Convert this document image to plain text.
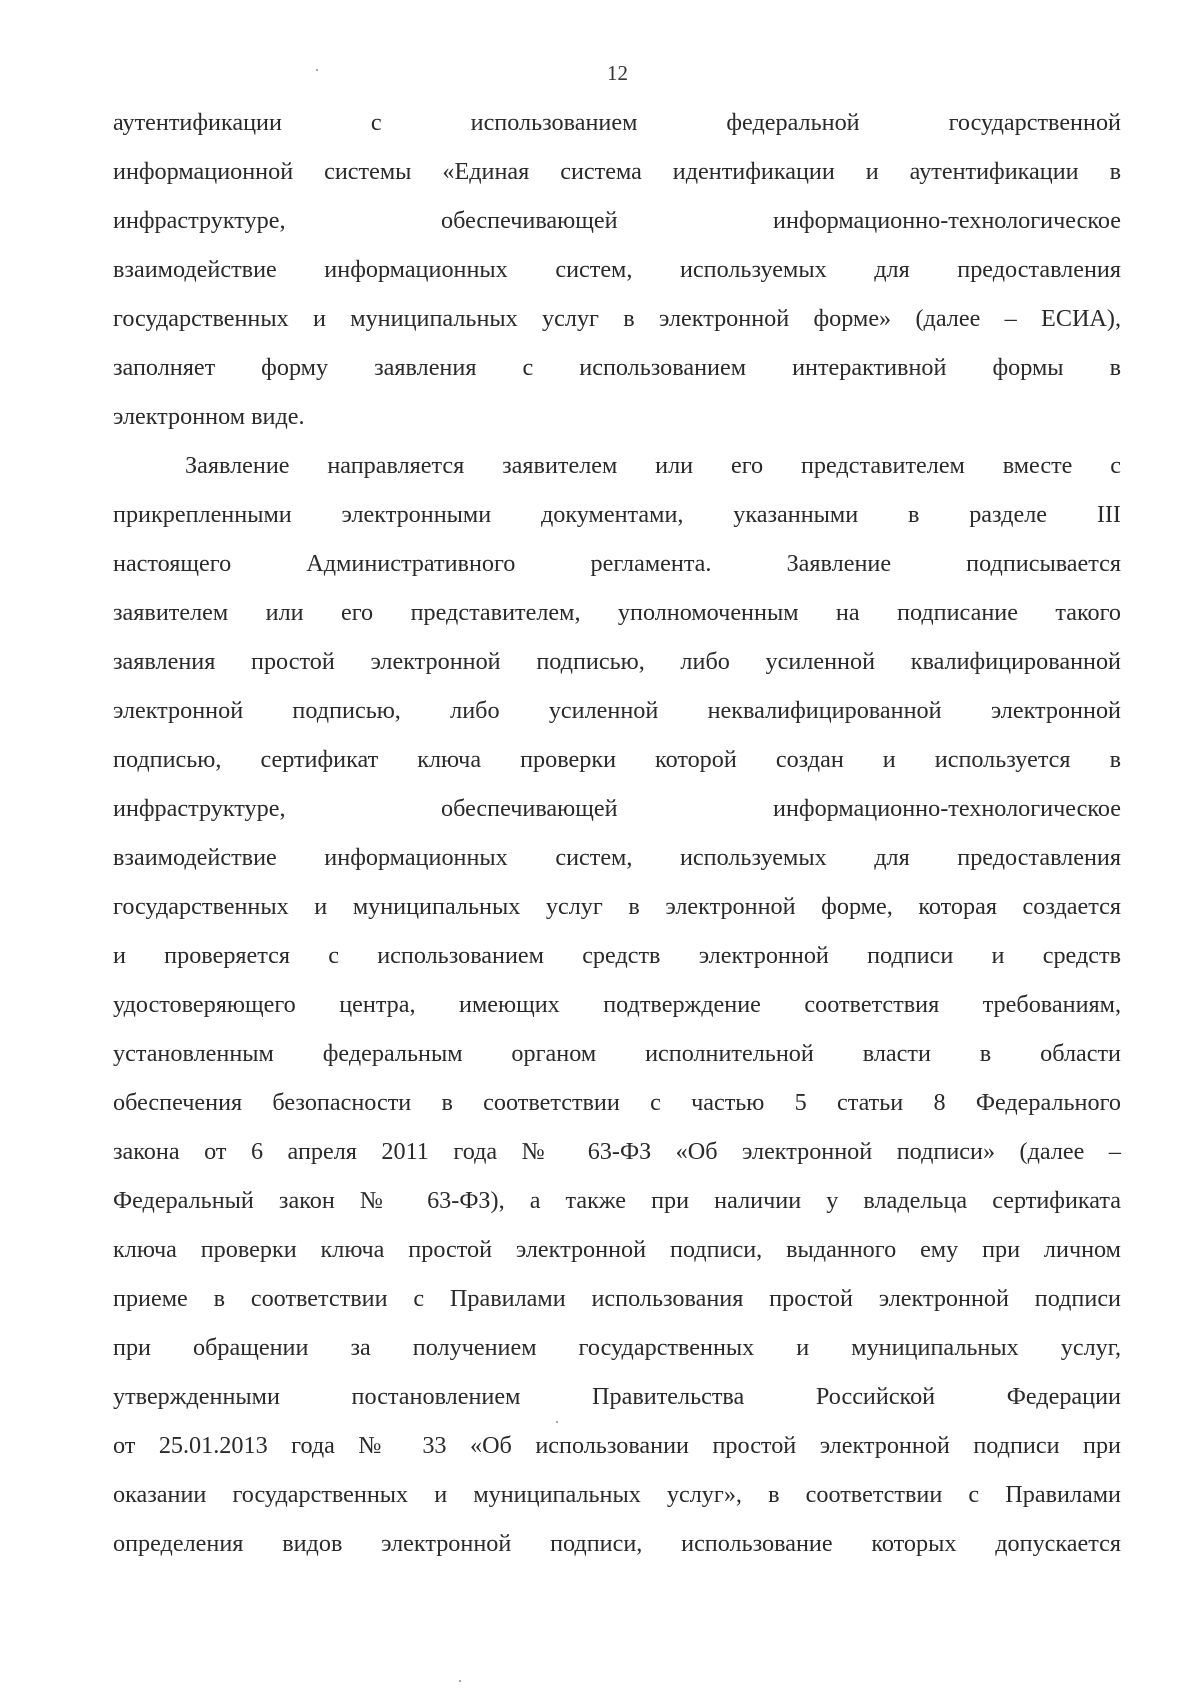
12
аутентификации с использованием федеральной государственной
информационной системы «Единая система идентификации и аутентификации в
инфраструктуре, обеспечивающей информационно-технологическое
взаимодействие информационных систем, используемых для предоставления
государственных и муниципальных услуг в электронной форме» (далее – ЕСИА),
заполняет форму заявления с использованием интерактивной формы в
электронном виде.
Заявление направляется заявителем или его представителем вместе с
прикрепленными электронными документами, указанными в разделе III
настоящего Административного регламента. Заявление подписывается
заявителем или его представителем, уполномоченным на подписание такого
заявления простой электронной подписью, либо усиленной квалифицированной
электронной подписью, либо усиленной неквалифицированной электронной
подписью, сертификат ключа проверки которой создан и используется в
инфраструктуре, обеспечивающей информационно-технологическое
взаимодействие информационных систем, используемых для предоставления
государственных и муниципальных услуг в электронной форме, которая создается
и проверяется с использованием средств электронной подписи и средств
удостоверяющего центра, имеющих подтверждение соответствия требованиям,
установленным федеральным органом исполнительной власти в области
обеспечения безопасности в соответствии с частью 5 статьи 8 Федерального
закона от 6 апреля 2011 года № 63-ФЗ «Об электронной подписи» (далее –
Федеральный закон № 63-ФЗ), а также при наличии у владельца сертификата
ключа проверки ключа простой электронной подписи, выданного ему при личном
приеме в соответствии с Правилами использования простой электронной подписи
при обращении за получением государственных и муниципальных услуг,
утвержденными постановлением Правительства Российской Федерации
от 25.01.2013 года № 33 «Об использовании простой электронной подписи при
оказании государственных и муниципальных услуг», в соответствии с Правилами
определения видов электронной подписи, использование которых допускается
